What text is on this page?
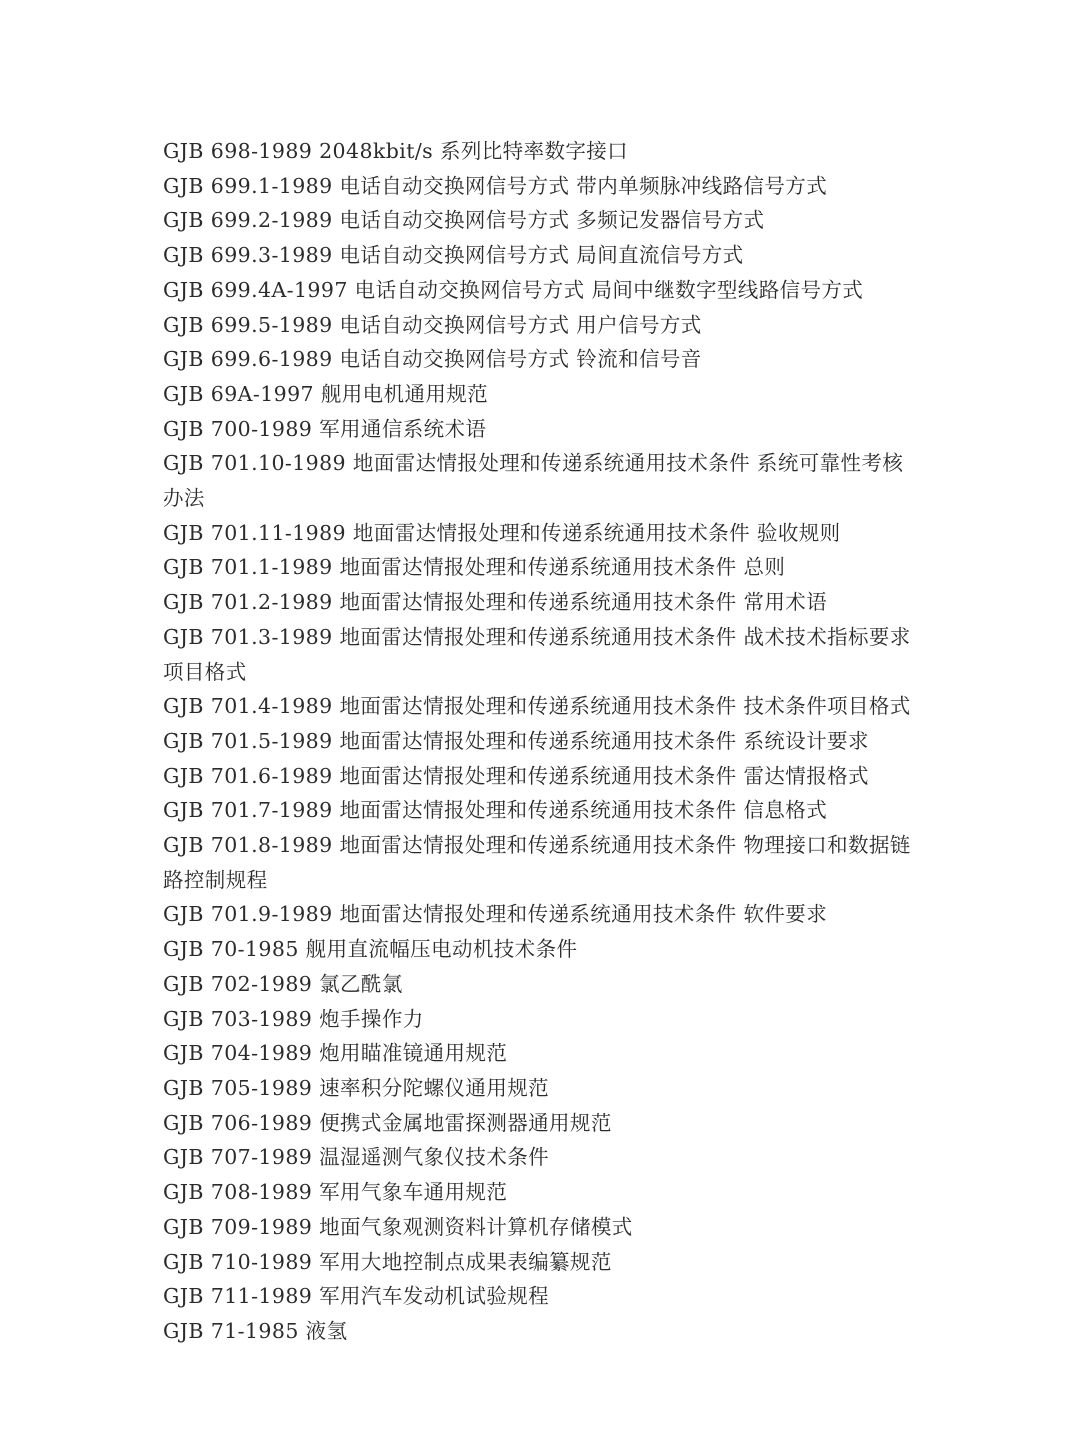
GJB 698-1989 2048kbit/s 系列比特率数字接口
GJB 699.1-1989 电话自动交换网信号方式 带内单频脉冲线路信号方式
GJB 699.2-1989 电话自动交换网信号方式 多频记发器信号方式
GJB 699.3-1989 电话自动交换网信号方式 局间直流信号方式
GJB 699.4A-1997 电话自动交换网信号方式 局间中继数字型线路信号方式
GJB 699.5-1989 电话自动交换网信号方式 用户信号方式
GJB 699.6-1989 电话自动交换网信号方式 铃流和信号音
GJB 69A-1997 舰用电机通用规范
GJB 700-1989 军用通信系统术语
GJB 701.10-1989 地面雷达情报处理和传递系统通用技术条件 系统可靠性考核办法
GJB 701.11-1989 地面雷达情报处理和传递系统通用技术条件 验收规则
GJB 701.1-1989 地面雷达情报处理和传递系统通用技术条件 总则
GJB 701.2-1989 地面雷达情报处理和传递系统通用技术条件 常用术语
GJB 701.3-1989 地面雷达情报处理和传递系统通用技术条件 战术技术指标要求项目格式
GJB 701.4-1989 地面雷达情报处理和传递系统通用技术条件 技术条件项目格式
GJB 701.5-1989 地面雷达情报处理和传递系统通用技术条件 系统设计要求
GJB 701.6-1989 地面雷达情报处理和传递系统通用技术条件 雷达情报格式
GJB 701.7-1989 地面雷达情报处理和传递系统通用技术条件 信息格式
GJB 701.8-1989 地面雷达情报处理和传递系统通用技术条件 物理接口和数据链路控制规程
GJB 701.9-1989 地面雷达情报处理和传递系统通用技术条件 软件要求
GJB 70-1985 舰用直流幅压电动机技术条件
GJB 702-1989 氯乙酰氯
GJB 703-1989 炮手操作力
GJB 704-1989 炮用瞄准镜通用规范
GJB 705-1989 速率积分陀螺仪通用规范
GJB 706-1989 便携式金属地雷探测器通用规范
GJB 707-1989 温湿遥测气象仪技术条件
GJB 708-1989 军用气象车通用规范
GJB 709-1989 地面气象观测资料计算机存储模式
GJB 710-1989 军用大地控制点成果表编纂规范
GJB 711-1989 军用汽车发动机试验规程
GJB 71-1985 液氢
